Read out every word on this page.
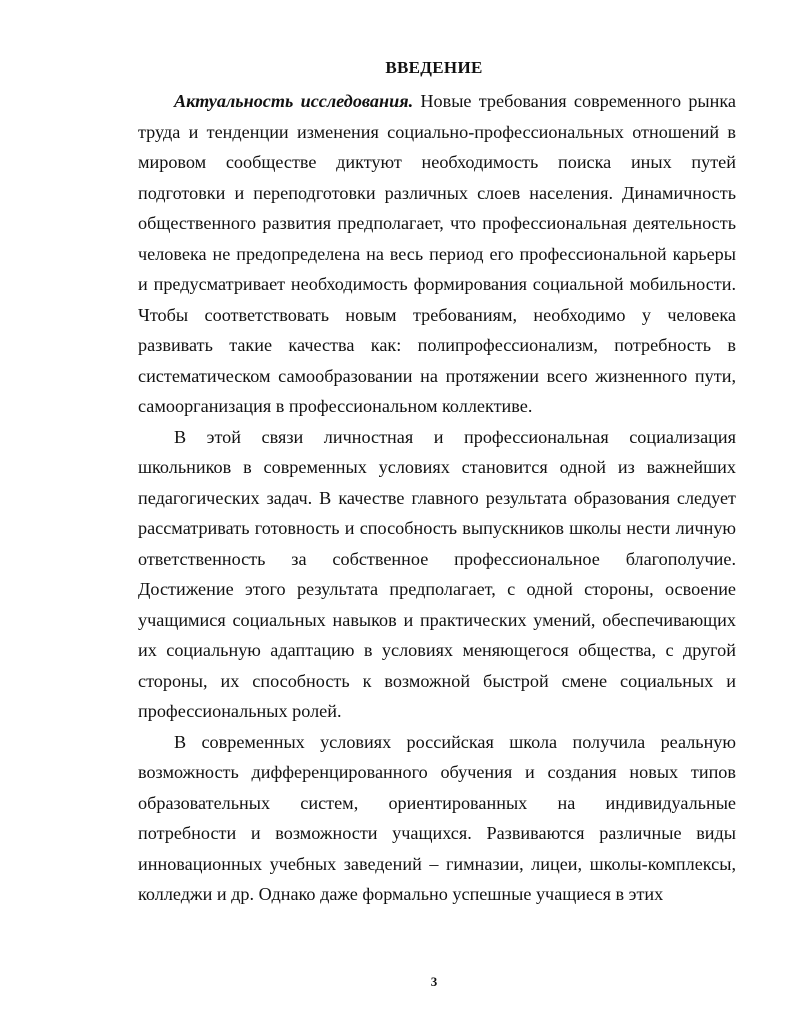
ВВЕДЕНИЕ

Актуальность исследования. Новые требования современного рынка труда и тенденции изменения социально-профессиональных отношений в мировом сообществе диктуют необходимость поиска иных путей подготовки и переподготовки различных слоев населения. Динамичность общественного развития предполагает, что профессиональная деятельность человека не предопределена на весь период его профессиональной карьеры и предусматривает необходимость формирования социальной мобильности. Чтобы соответствовать новым требованиям, необходимо у человека развивать такие качества как: полипрофессионализм, потребность в систематическом самообразовании на протяжении всего жизненного пути, самоорганизация в профессиональном коллективе.

В этой связи личностная и профессиональная социализация школьников в современных условиях становится одной из важнейших педагогических задач. В качестве главного результата образования следует рассматривать готовность и способность выпускников школы нести личную ответственность за собственное профессиональное благополучие. Достижение этого результата предполагает, с одной стороны, освоение учащимися социальных навыков и практических умений, обеспечивающих их социальную адаптацию в условиях меняющегося общества, с другой стороны, их способность к возможной быстрой смене социальных и профессиональных ролей.

В современных условиях российская школа получила реальную возможность дифференцированного обучения и создания новых типов образовательных систем, ориентированных на индивидуальные потребности и возможности учащихся. Развиваются различные виды инновационных учебных заведений – гимназии, лицеи, школы-комплексы, колледжи и др. Однако даже формально успешные учащиеся в этих

3
